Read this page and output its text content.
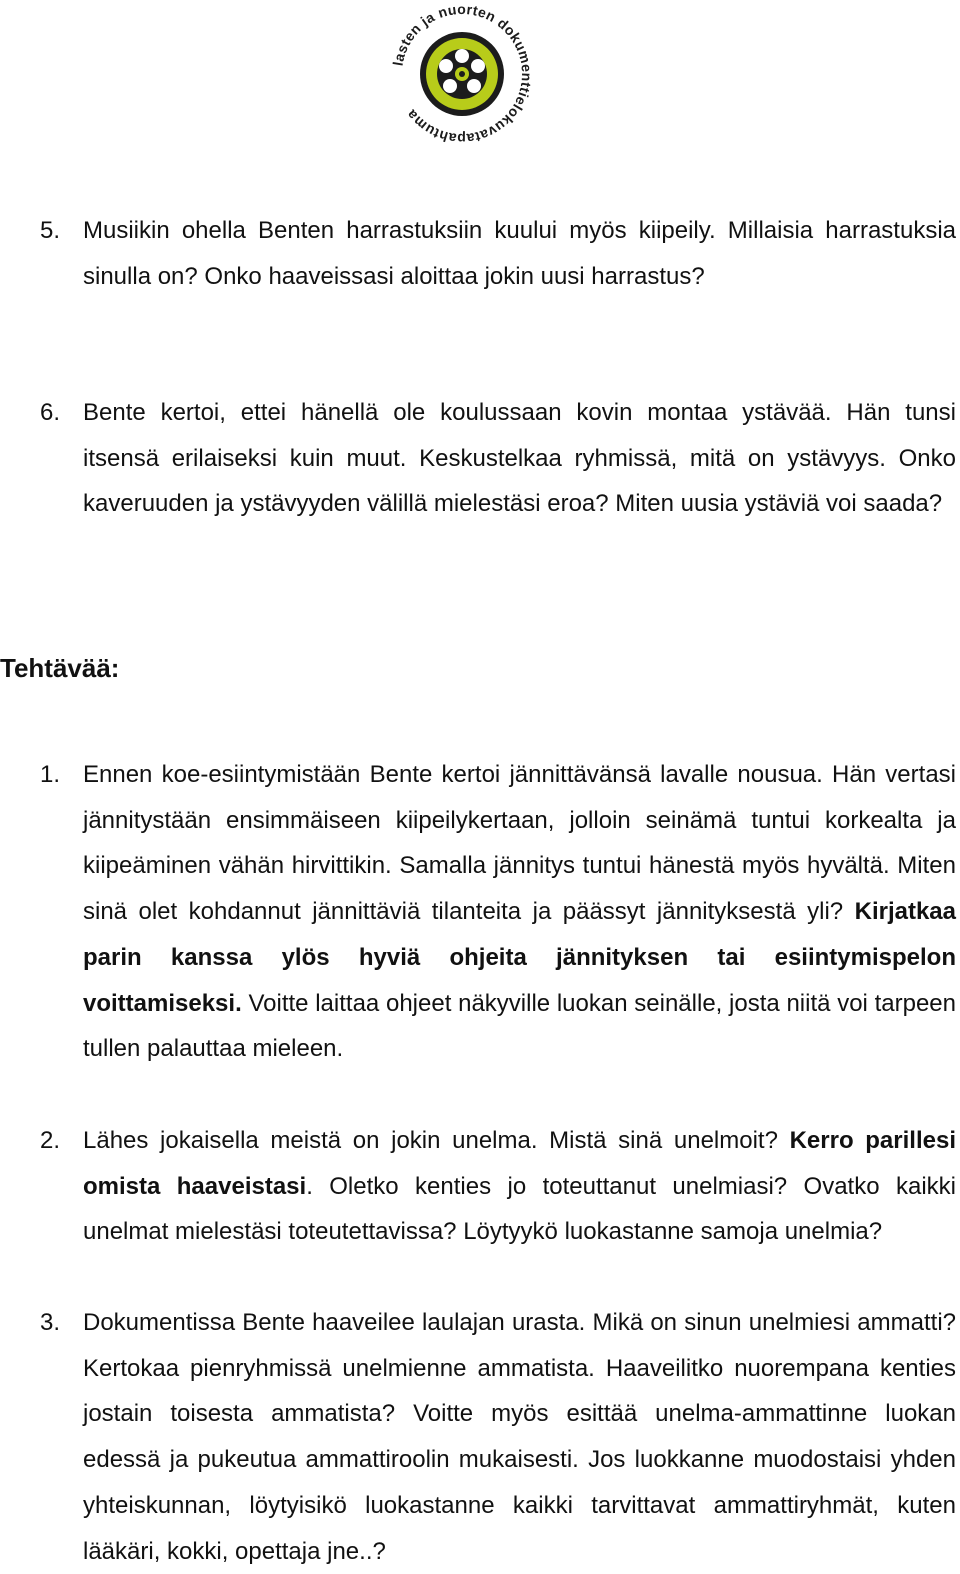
lasten ja nuorten dokumenttielokuvatapahtuma
5. Musiikin ohella Benten harrastuksiin kuului myös kiipeily. Millaisia harrastuksia sinulla on? Onko haaveissasi aloittaa jokin uusi harrastus?
6. Bente kertoi, ettei hänellä ole koulussaan kovin montaa ystävää. Hän tunsi itsensä erilaiseksi kuin muut. Keskustelkaa ryhmissä, mitä on ystävyys. Onko kaveruuden ja ystävyyden välillä mielestäsi eroa? Miten uusia ystäviä voi saada?
Tehtävää:
1. Ennen koe-esiintymistään Bente kertoi jännittävänsä lavalle nousua. Hän vertasi jännitystään ensimmäiseen kiipeilykertaan, jolloin seinämä tuntui korkealta ja kiipeäminen vähän hirvittikin. Samalla jännitys tuntui hänestä myös hyvältä. Miten sinä olet kohdannut jännittäviä tilanteita ja päässyt jännityksestä yli? Kirjatkaa parin kanssa ylös hyviä ohjeita jännityksen tai esiintymispelon voittamiseksi. Voitte laittaa ohjeet näkyville luokan seinälle, josta niitä voi tarpeen tullen palauttaa mieleen.
2. Lähes jokaisella meistä on jokin unelma. Mistä sinä unelmoit? Kerro parillesi omista haaveistasi. Oletko kenties jo toteuttanut unelmiasi? Ovatko kaikki unelmat mielestäsi toteutettavissa? Löytyykö luokastanne samoja unelmia?
3. Dokumentissa Bente haaveilee laulajan urasta. Mikä on sinun unelmiesi ammatti? Kertokaa pienryhmissä unelmienne ammatista. Haaveilitko nuorempana kenties jostain toisesta ammatista? Voitte myös esittää unelma-ammattinne luokan edessä ja pukeutua ammattiroolin mukaisesti. Jos luokkanne muodostaisi yhden yhteiskunnan, löytyisikö luokastanne kaikki tarvittavat ammattiryhmät, kuten lääkäri, kokki, opettaja jne..?
